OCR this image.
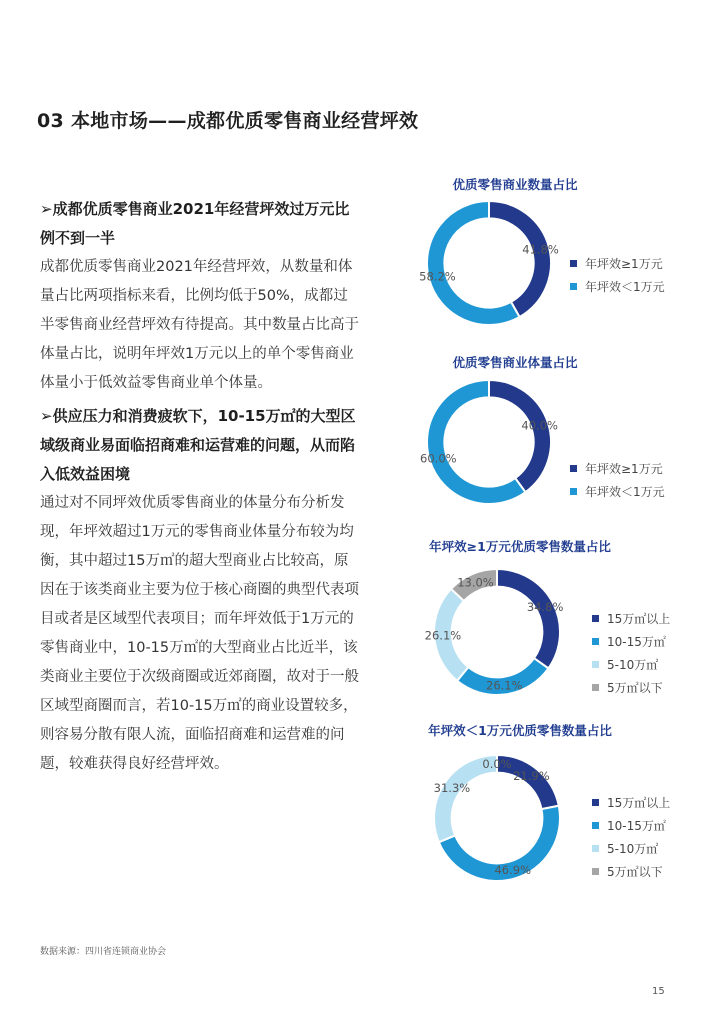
03 本地市场——成都优质零售商业经营坪效
➢成都优质零售商业2021年经营坪效过万元比例不到一半
成都优质零售商业2021年经营坪效，从数量和体量占比两项指标来看，比例均低于50%，成都过半零售商业经营坪效有待提高。其中数量占比高于体量占比，说明年坪效1万元以上的单个零售商业体量小于低效益零售商业单个体量。
➢供应压力和消费疲软下，10-15万㎡的大型区域级商业易面临招商难和运营难的问题，从而陷入低效益困境
通过对不同坪效优质零售商业的体量分布分析发现，年坪效超过1万元的零售商业体量分布较为均衡，其中超过15万㎡的超大型商业占比较高，原因在于该类商业主要为位于核心商圈的典型代表项目或者是区域型代表项目；而年坪效低于1万元的零售商业中，10-15万㎡的大型商业占比近半，该类商业主要位于次级商圈或近郊商圈，故对于一般区域型商圈而言，若10-15万㎡的商业设置较多，则容易分散有限人流，面临招商难和运营难的问题，较难获得良好经营坪效。
优质零售商业数量占比
41.8%
58.2%
年坪效≥1万元
年坪效＜1万元
优质零售商业体量占比
40.0%
60.0%
年坪效≥1万元
年坪效＜1万元
年坪效≥1万元优质零售数量占比
34.8%
26.1%
26.1%
13.0%
15万㎡以上
10-15万㎡
5-10万㎡
5万㎡以下
年坪效＜1万元优质零售数量占比
21.9%
46.9%
31.3%
0.0%
15万㎡以上
10-15万㎡
5-10万㎡
5万㎡以下
数据来源：四川省连锁商业协会
15
